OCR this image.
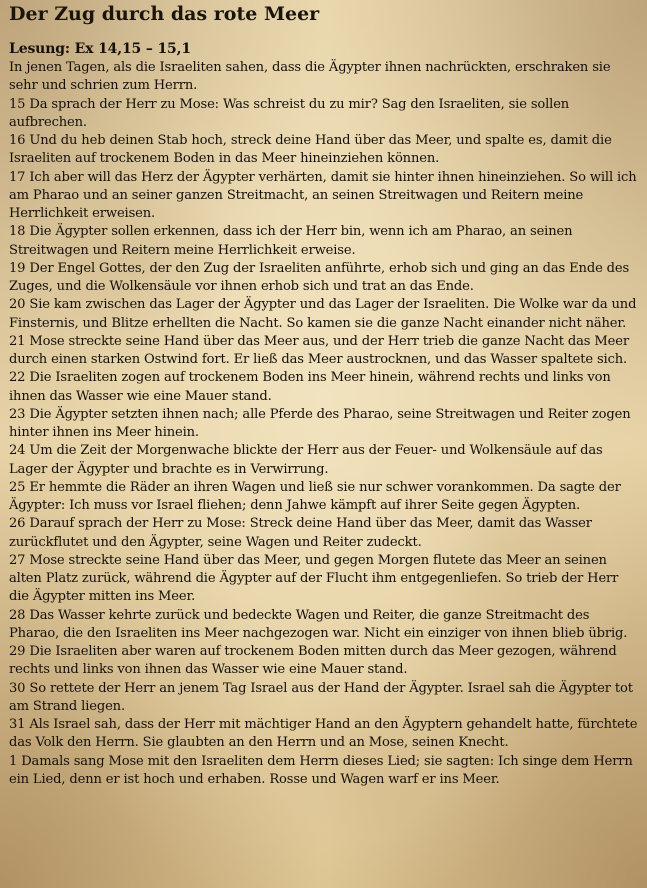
Der Zug durch das rote Meer
Lesung: Ex 14,15 – 15,1
In jenen Tagen, als die Israeliten sahen, dass die Ägypter ihnen nachrückten, erschraken sie sehr und schrien zum Herrn.
15 Da sprach der Herr zu Mose: Was schreist du zu mir? Sag den Israeliten, sie sollen aufbrechen.
16 Und du heb deinen Stab hoch, streck deine Hand über das Meer, und spalte es, damit die Israeliten auf trockenem Boden in das Meer hineinziehen können.
17 Ich aber will das Herz der Ägypter verhärten, damit sie hinter ihnen hineinziehen. So will ich am Pharao und an seiner ganzen Streitmacht, an seinen Streitwagen und Reitern meine Herrlichkeit erweisen.
18 Die Ägypter sollen erkennen, dass ich der Herr bin, wenn ich am Pharao, an seinen Streitwagen und Reitern meine Herrlichkeit erweise.
19 Der Engel Gottes, der den Zug der Israeliten anführte, erhob sich und ging an das Ende des Zuges, und die Wolkensäule vor ihnen erhob sich und trat an das Ende.
20 Sie kam zwischen das Lager der Ägypter und das Lager der Israeliten. Die Wolke war da und Finsternis, und Blitze erhellten die Nacht. So kamen sie die ganze Nacht einander nicht näher.
21 Mose streckte seine Hand über das Meer aus, und der Herr trieb die ganze Nacht das Meer durch einen starken Ostwind fort. Er ließ das Meer austrocknen, und das Wasser spaltete sich.
22 Die Israeliten zogen auf trockenem Boden ins Meer hinein, während rechts und links von ihnen das Wasser wie eine Mauer stand.
23 Die Ägypter setzten ihnen nach; alle Pferde des Pharao, seine Streitwagen und Reiter zogen hinter ihnen ins Meer hinein.
24 Um die Zeit der Morgenwache blickte der Herr aus der Feuer- und Wolkensäule auf das Lager der Ägypter und brachte es in Verwirrung.
25 Er hemmte die Räder an ihren Wagen und ließ sie nur schwer vorankommen. Da sagte der Ägypter: Ich muss vor Israel fliehen; denn Jahwe kämpft auf ihrer Seite gegen Ägypten.
26 Darauf sprach der Herr zu Mose: Streck deine Hand über das Meer, damit das Wasser zurückflutet und den Ägypter, seine Wagen und Reiter zudeckt.
27 Mose streckte seine Hand über das Meer, und gegen Morgen flutete das Meer an seinen alten Platz zurück, während die Ägypter auf der Flucht ihm entgegenliefen. So trieb der Herr die Ägypter mitten ins Meer.
28 Das Wasser kehrte zurück und bedeckte Wagen und Reiter, die ganze Streitmacht des Pharao, die den Israeliten ins Meer nachgezogen war. Nicht ein einziger von ihnen blieb übrig.
29 Die Israeliten aber waren auf trockenem Boden mitten durch das Meer gezogen, während rechts und links von ihnen das Wasser wie eine Mauer stand.
30 So rettete der Herr an jenem Tag Israel aus der Hand der Ägypter. Israel sah die Ägypter tot am Strand liegen.
31 Als Israel sah, dass der Herr mit mächtiger Hand an den Ägyptern gehandelt hatte, fürchtete das Volk den Herrn. Sie glaubten an den Herrn und an Mose, seinen Knecht.
1 Damals sang Mose mit den Israeliten dem Herrn dieses Lied; sie sagten: Ich singe dem Herrn ein Lied, denn er ist hoch und erhaben. Rosse und Wagen warf er ins Meer.
